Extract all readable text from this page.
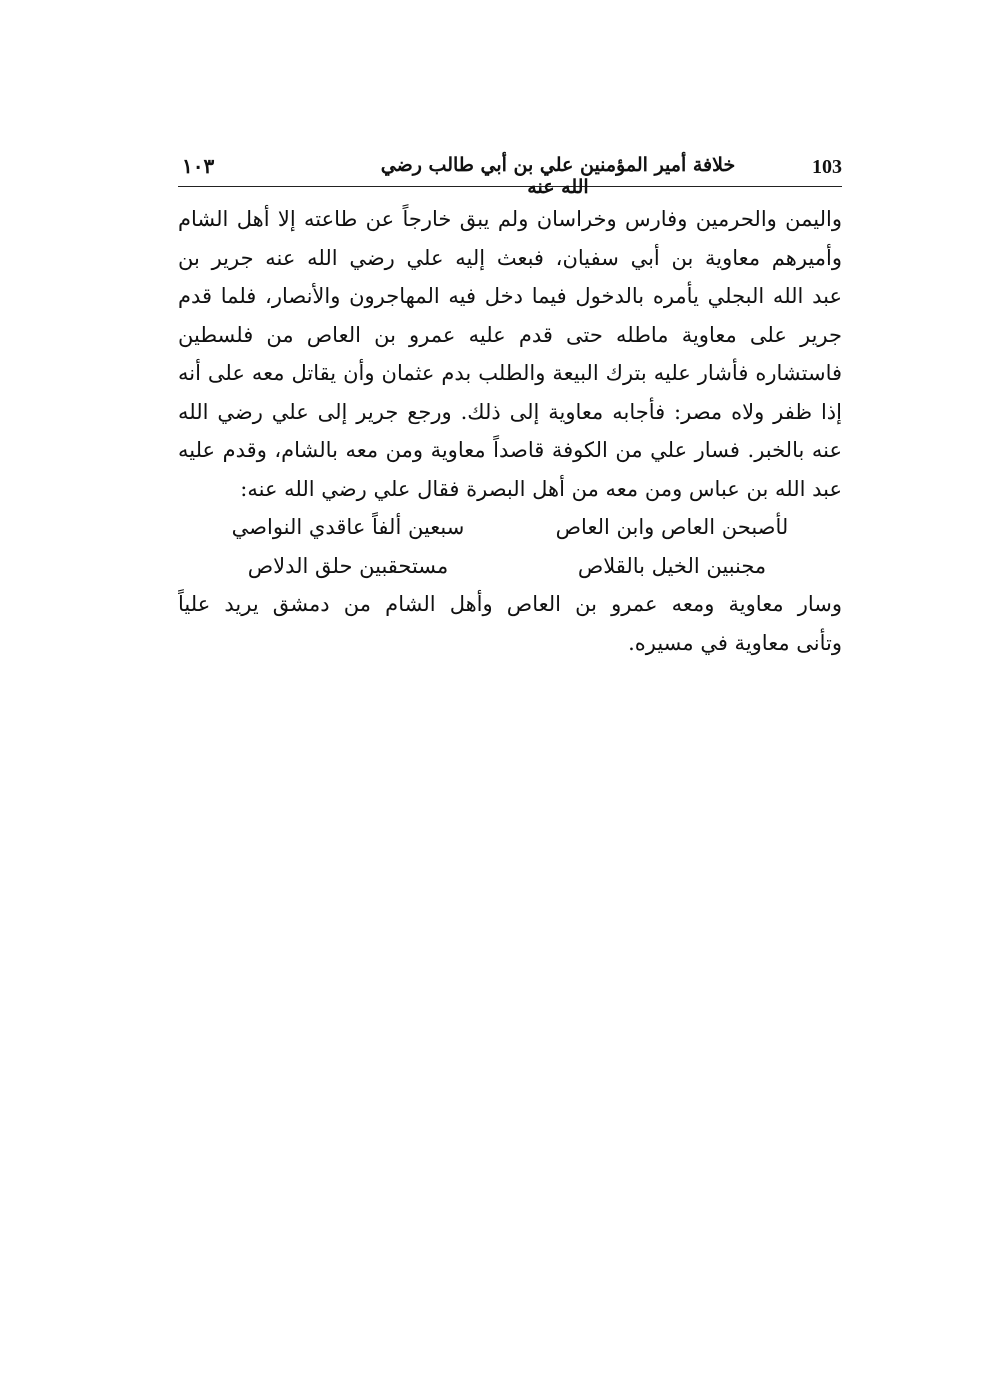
103
خلافة أمير المؤمنين علي بن أبي طالب رضي الله عنه
١٠٣
واليمن والحرمين وفارس وخراسان ولم يبق خارجاً عن طاعته إلا أهل الشام
وأميرهم معاوية بن أبي سفيان، فبعث إليه علي رضي الله عنه جرير بن
عبد الله البجلي يأمره بالدخول فيما دخل فيه المهاجرون والأنصار، فلما قدم
جرير على معاوية ماطله حتى قدم عليه عمرو بن العاص من فلسطين
فاستشاره فأشار عليه بترك البيعة والطلب بدم عثمان وأن يقاتل معه على أنه
إذا ظفر ولاه مصر: فأجابه معاوية إلى ذلك. ورجع جرير إلى علي رضي الله
عنه بالخبر. فسار علي من الكوفة قاصداً معاوية ومن معه بالشام، وقدم عليه
عبد الله بن عباس ومن معه من أهل البصرة فقال علي رضي الله عنه:
لأصبحن العاص وابن العاص
سبعين ألفاً عاقدي النواصي
مجنبين الخيل بالقلاص
مستحقبين حلق الدلاص
وسار معاوية ومعه عمرو بن العاص وأهل الشام من دمشق يريد علياً
وتأنى معاوية في مسيره.
